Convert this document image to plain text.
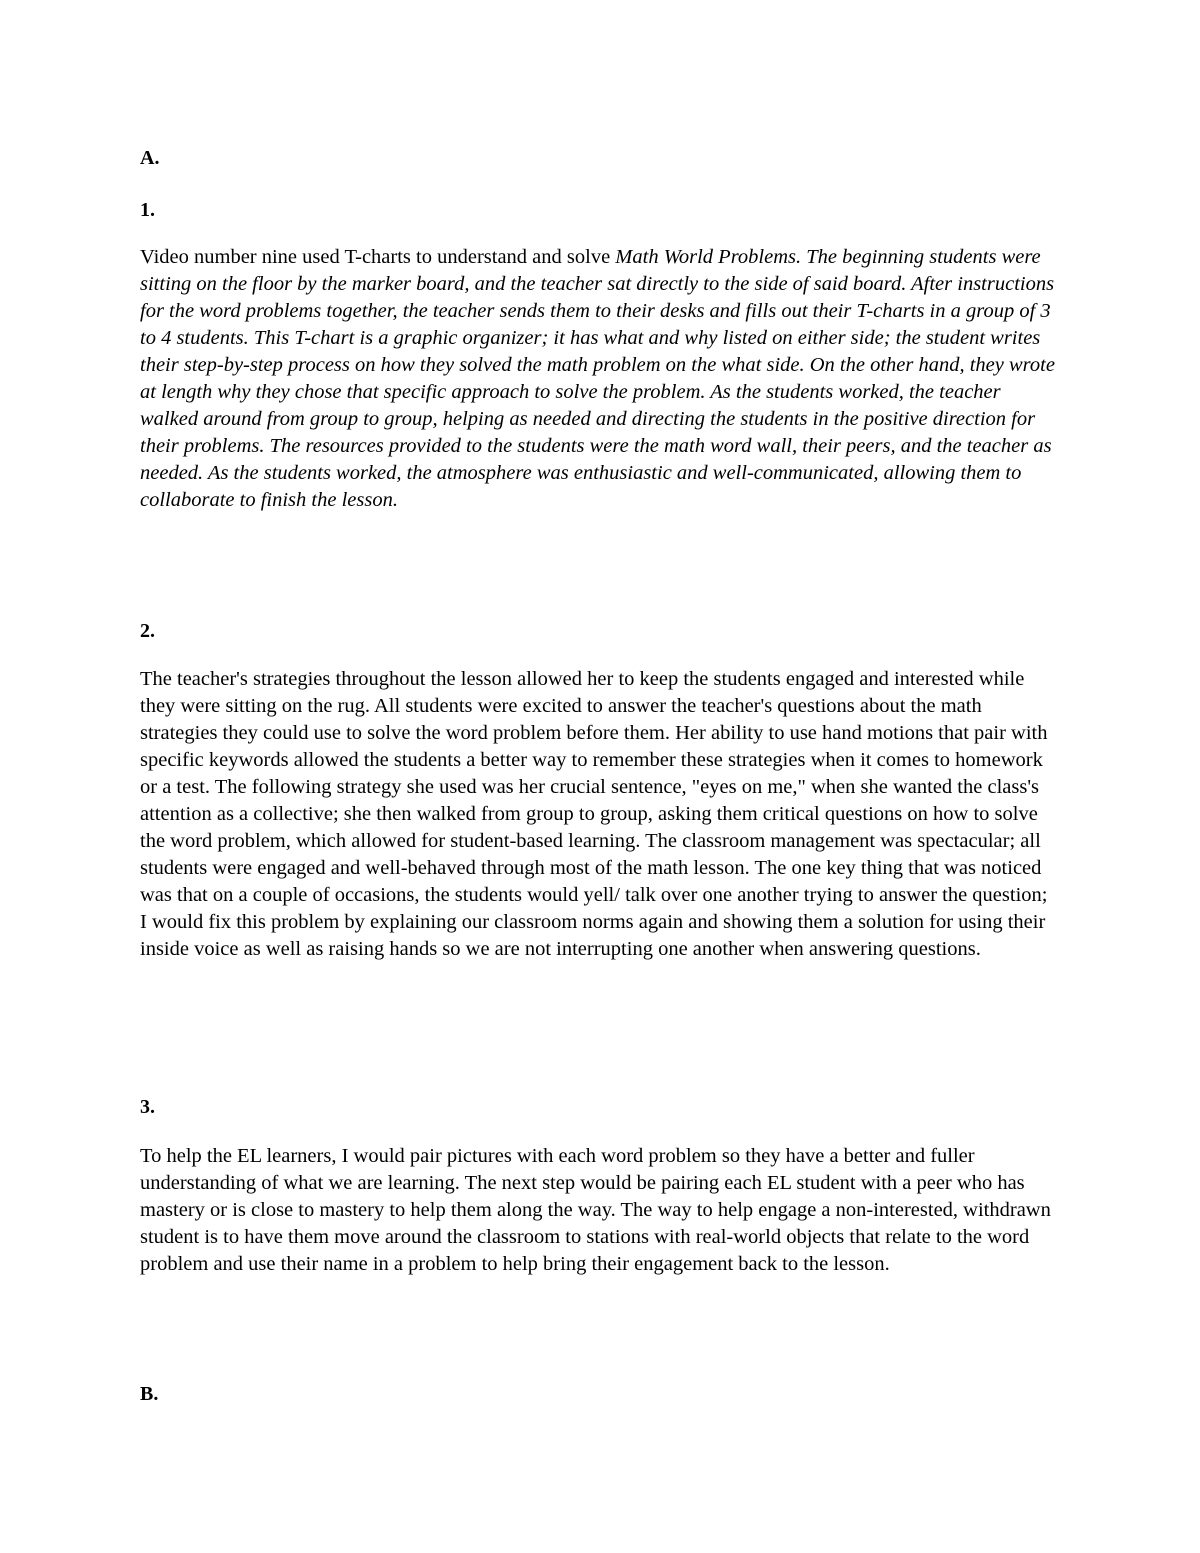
A.

1.

Video number nine used T-charts to understand and solve Math World Problems. The beginning students were sitting on the floor by the marker board, and the teacher sat directly to the side of said board. After instructions for the word problems together, the teacher sends them to their desks and fills out their T-charts in a group of 3 to 4 students. This T-chart is a graphic organizer; it has what and why listed on either side; the student writes their step-by-step process on how they solved the math problem on the what side. On the other hand, they wrote at length why they chose that specific approach to solve the problem. As the students worked, the teacher walked around from group to group, helping as needed and directing the students in the positive direction for their problems. The resources provided to the students were the math word wall, their peers, and the teacher as needed. As the students worked, the atmosphere was enthusiastic and well-communicated, allowing them to collaborate to finish the lesson.

2.

The teacher's strategies throughout the lesson allowed her to keep the students engaged and interested while they were sitting on the rug. All students were excited to answer the teacher's questions about the math strategies they could use to solve the word problem before them. Her ability to use hand motions that pair with specific keywords allowed the students a better way to remember these strategies when it comes to homework or a test. The following strategy she used was her crucial sentence, "eyes on me," when she wanted the class's attention as a collective; she then walked from group to group, asking them critical questions on how to solve the word problem, which allowed for student-based learning. The classroom management was spectacular; all students were engaged and well-behaved through most of the math lesson. The one key thing that was noticed was that on a couple of occasions, the students would yell/ talk over one another trying to answer the question; I would fix this problem by explaining our classroom norms again and showing them a solution for using their inside voice as well as raising hands so we are not interrupting one another when answering questions.

3.

To help the EL learners, I would pair pictures with each word problem so they have a better and fuller understanding of what we are learning. The next step would be pairing each EL student with a peer who has mastery or is close to mastery to help them along the way. The way to help engage a non-interested, withdrawn student is to have them move around the classroom to stations with real-world objects that relate to the word problem and use their name in a problem to help bring their engagement back to the lesson.

B.
